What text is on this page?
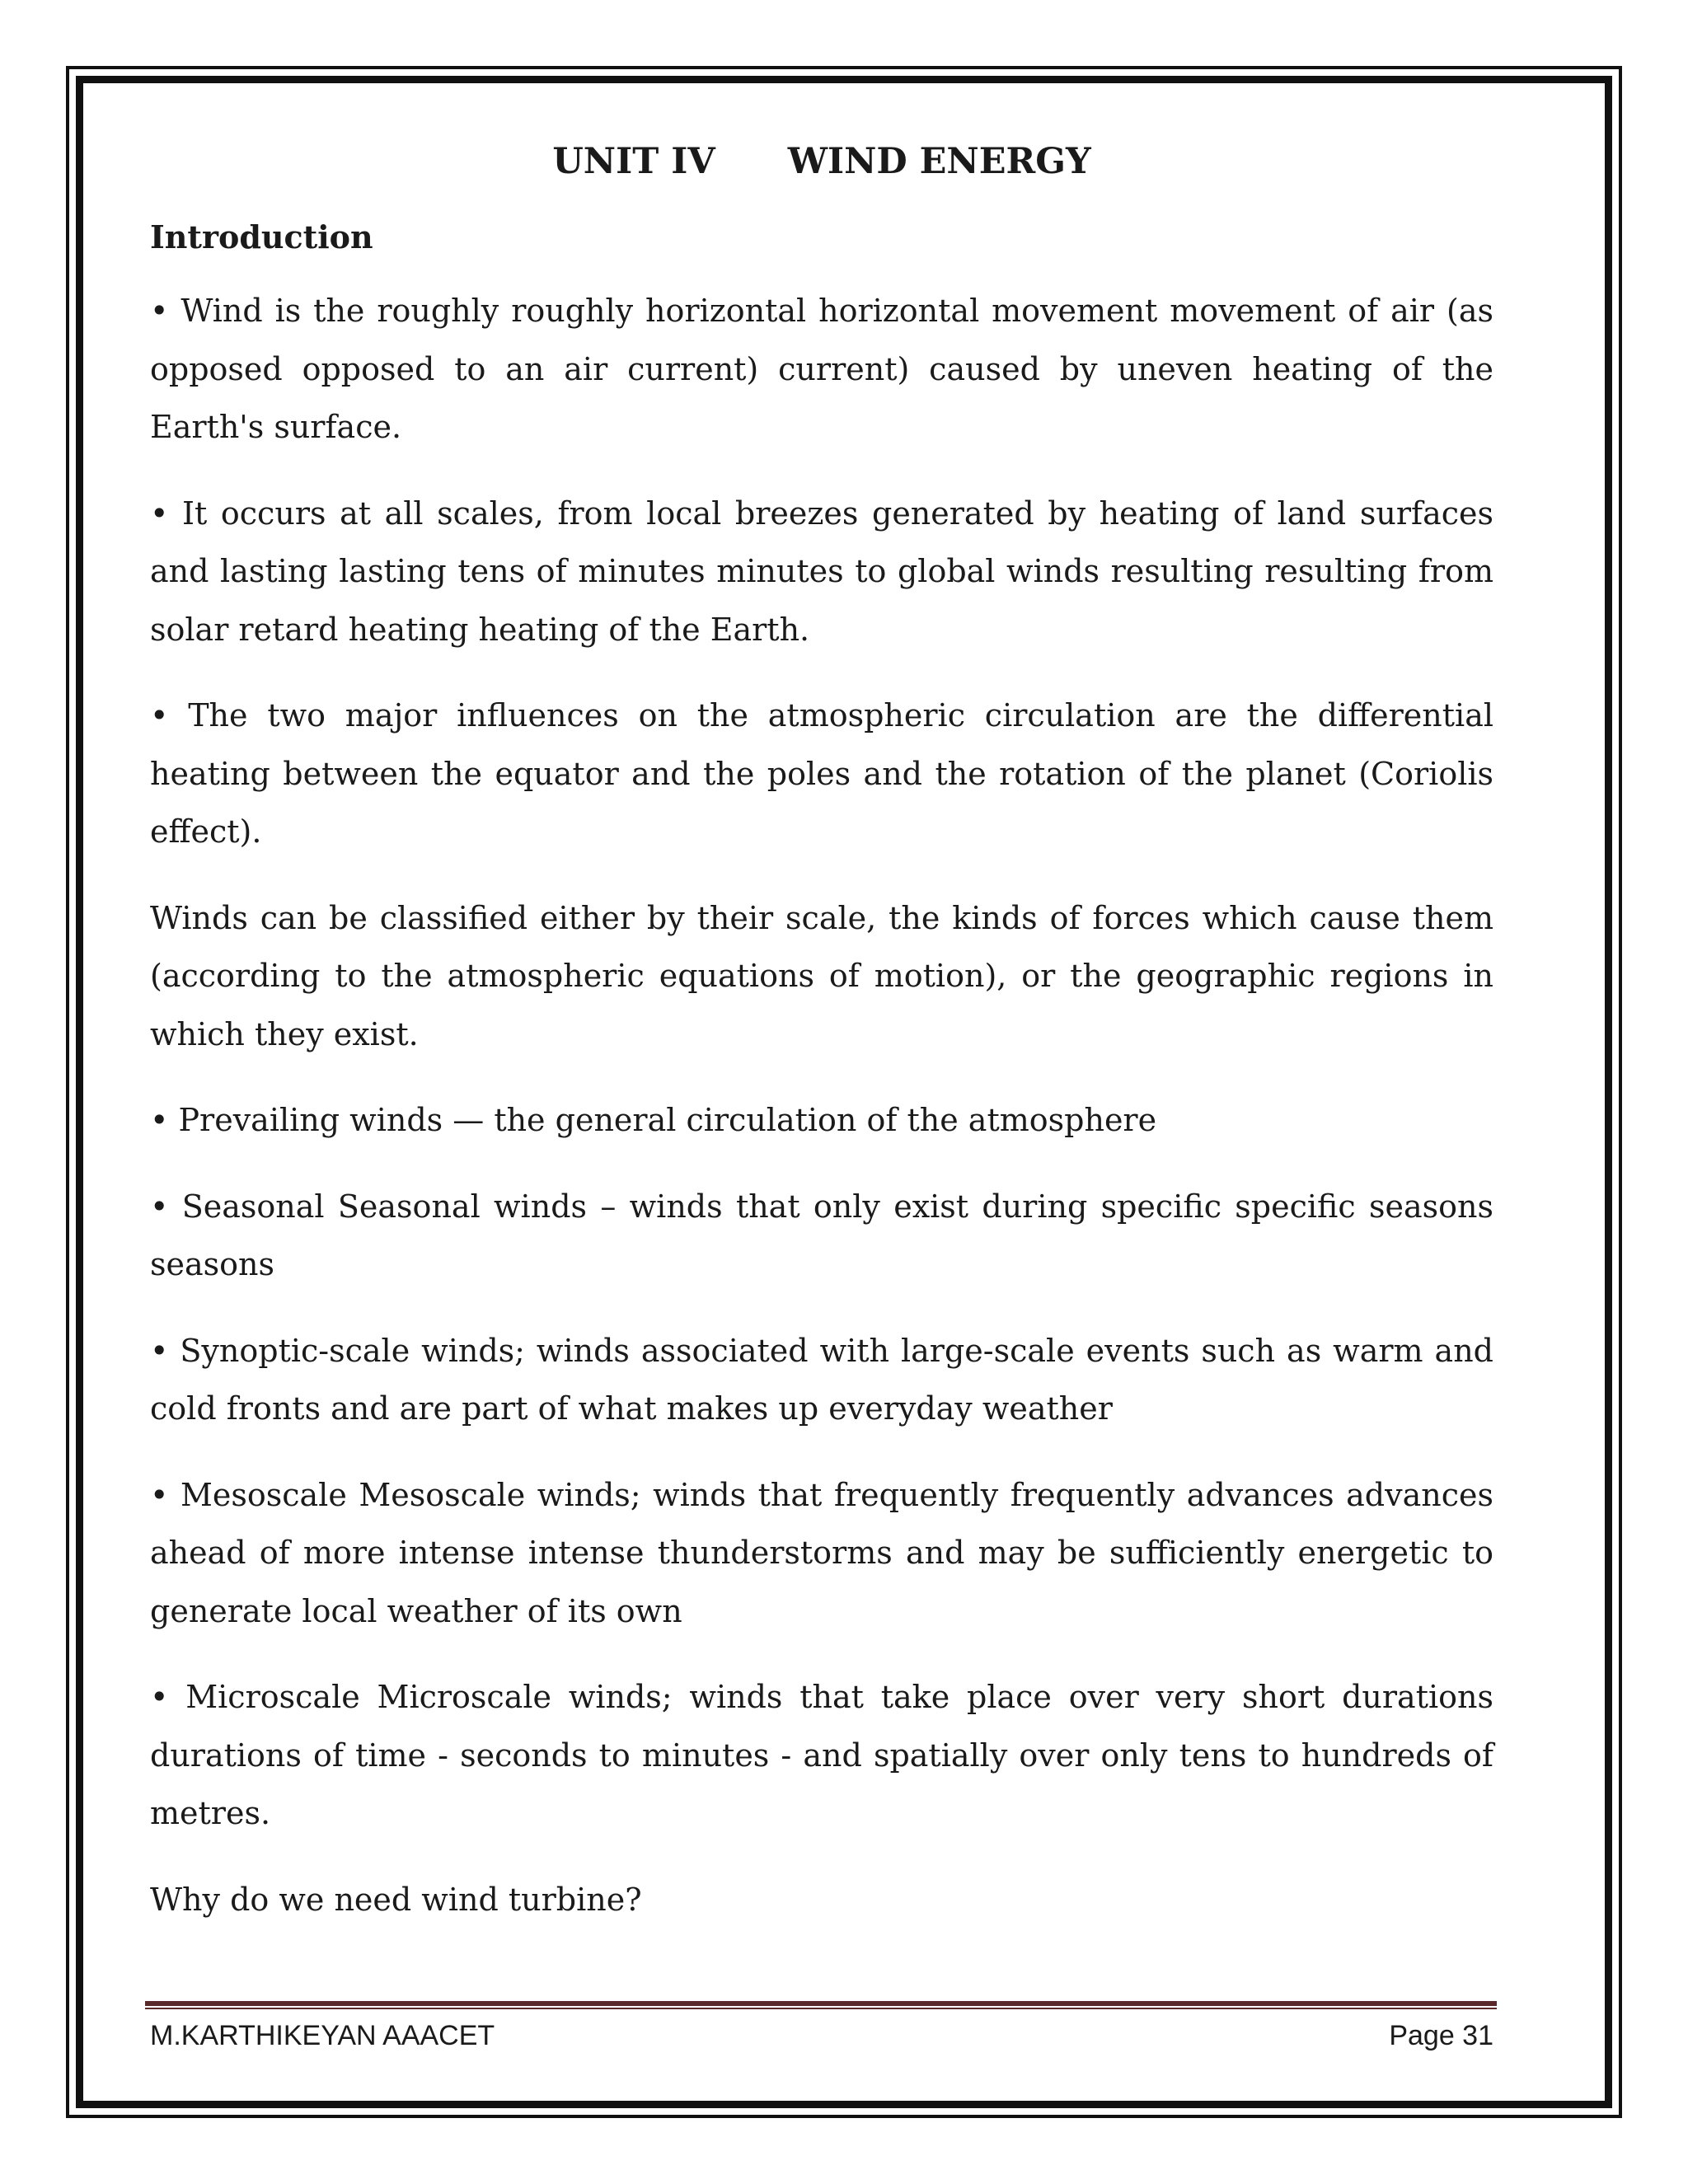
UNIT IV WIND ENERGY
Introduction

• Wind is the roughly roughly horizontal horizontal movement movement of air (as opposed opposed to an air current) current) caused by uneven heating of the Earth's surface.

• It occurs at all scales, from local breezes generated by heating of land surfaces and lasting lasting tens of minutes minutes to global winds resulting resulting from solar retard heating heating of the Earth.

• The two major influences on the atmospheric circulation are the differential heating between the equator and the poles and the rotation of the planet (Coriolis effect).

Winds can be classified either by their scale, the kinds of forces which cause them (according to the atmospheric equations of motion), or the geographic regions in which they exist.

• Prevailing winds — the general circulation of the atmosphere

• Seasonal Seasonal winds – winds that only exist during specific specific seasons seasons

• Synoptic-scale winds; winds associated with large-scale events such as warm and cold fronts and are part of what makes up everyday weather

• Mesoscale Mesoscale winds; winds that frequently frequently advances advances ahead of more intense intense thunderstorms and may be sufficiently energetic to generate local weather of its own

• Microscale Microscale winds; winds that take place over very short durations durations of time - seconds to minutes - and spatially over only tens to hundreds of metres.

Why do we need wind turbine?

M.KARTHIKEYAN AAACET	Page 31
